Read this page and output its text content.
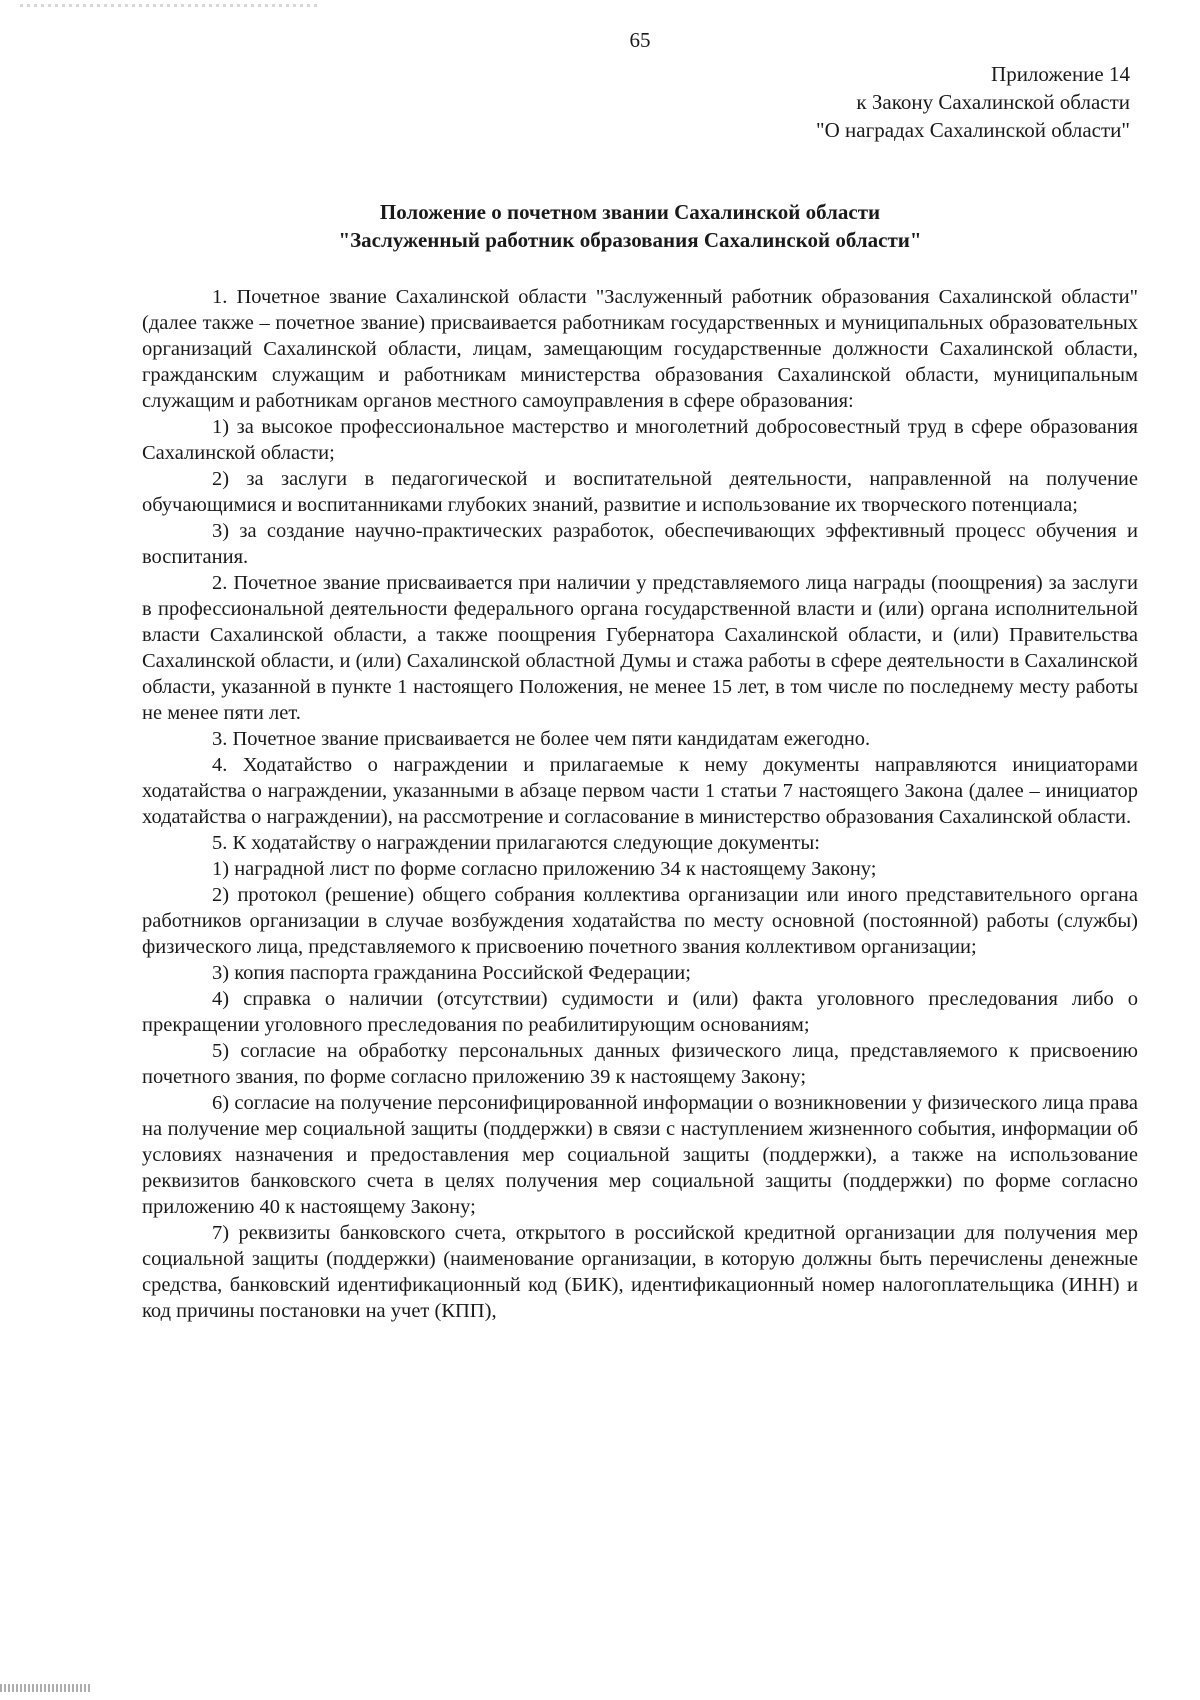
65
Приложение 14
к Закону Сахалинской области
"О наградах Сахалинской области"
Положение о почетном звании Сахалинской области
"Заслуженный работник образования Сахалинской области"

1. Почетное звание Сахалинской области "Заслуженный работник образования Сахалинской области" (далее также – почетное звание) присваивается работникам государственных и муниципальных образовательных организаций Сахалинской области, лицам, замещающим государственные должности Сахалинской области, гражданским служащим и работникам министерства образования Сахалинской области, муниципальным служащим и работникам органов местного самоуправления в сфере образования:

1) за высокое профессиональное мастерство и многолетний добросовестный труд в сфере образования Сахалинской области;

2) за заслуги в педагогической и воспитательной деятельности, направленной на получение обучающимися и воспитанниками глубоких знаний, развитие и использование их творческого потенциала;

3) за создание научно-практических разработок, обеспечивающих эффективный процесс обучения и воспитания.

2. Почетное звание присваивается при наличии у представляемого лица награды (поощрения) за заслуги в профессиональной деятельности федерального органа государственной власти и (или) органа исполнительной власти Сахалинской области, а также поощрения Губернатора Сахалинской области, и (или) Правительства Сахалинской области, и (или) Сахалинской областной Думы и стажа работы в сфере деятельности в Сахалинской области, указанной в пункте 1 настоящего Положения, не менее 15 лет, в том числе по последнему месту работы не менее пяти лет.

3. Почетное звание присваивается не более чем пяти кандидатам ежегодно.

4. Ходатайство о награждении и прилагаемые к нему документы направляются инициаторами ходатайства о награждении, указанными в абзаце первом части 1 статьи 7 настоящего Закона (далее – инициатор ходатайства о награждении), на рассмотрение и согласование в министерство образования Сахалинской области.

5. К ходатайству о награждении прилагаются следующие документы:

1) наградной лист по форме согласно приложению 34 к настоящему Закону;

2) протокол (решение) общего собрания коллектива организации или иного представительного органа работников организации в случае возбуждения ходатайства по месту основной (постоянной) работы (службы) физического лица, представляемого к присвоению почетного звания коллективом организации;

3) копия паспорта гражданина Российской Федерации;

4) справка о наличии (отсутствии) судимости и (или) факта уголовного преследования либо о прекращении уголовного преследования по реабилитирующим основаниям;

5) согласие на обработку персональных данных физического лица, представляемого к присвоению почетного звания, по форме согласно приложению 39 к настоящему Закону;

6) согласие на получение персонифицированной информации о возникновении у физического лица права на получение мер социальной защиты (поддержки) в связи с наступлением жизненного события, информации об условиях назначения и предоставления мер социальной защиты (поддержки), а также на использование реквизитов банковского счета в целях получения мер социальной защиты (поддержки) по форме согласно приложению 40 к настоящему Закону;

7) реквизиты банковского счета, открытого в российской кредитной организации для получения мер социальной защиты (поддержки) (наименование организации, в которую должны быть перечислены денежные средства, банковский идентификационный код (БИК), идентификационный номер налогоплательщика (ИНН) и код причины постановки на учет (КПП),
